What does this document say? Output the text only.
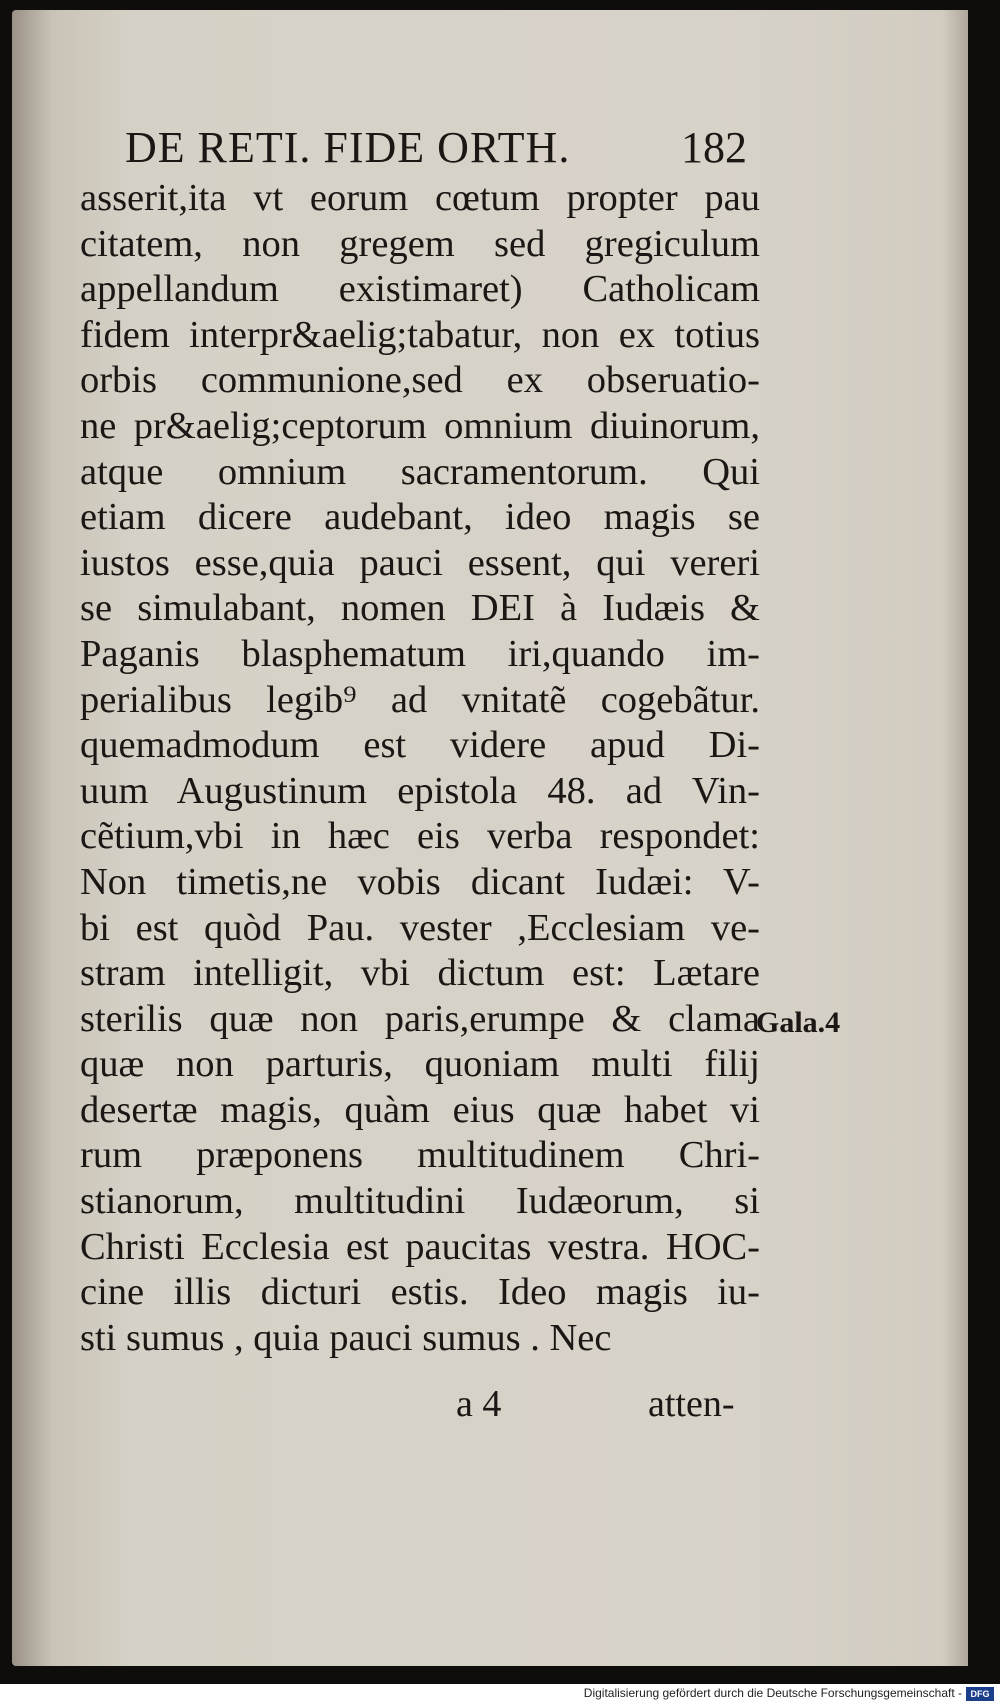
DE RETI. FIDE ORTH.	182
asserit,ita vt eorum cœtum propter pau
citatem, non gregem sed gregiculum
appellandum existimaret) Catholicam
fidem interpr&aelig;tabatur, non ex totius
orbis communione,sed ex obseruatio-
ne pr&aelig;ceptorum omnium diuinorum,
atque omnium sacramentorum. Qui
etiam dicere audebant, ideo magis se
iustos esse,quia pauci essent, qui vereri
se simulabant, nomen DEI à Iudæis &
Paganis blasphematum iri,quando im-
perialibus legib⁹ ad vnitatẽ cogebãtur.
quemadmodum est videre apud Di-
uum Augustinum epistola 48. ad Vin-
cẽtium,vbi in hæc eis verba respondet:
Non timetis,ne vobis dicant Iudæi: V-
bi est quòd Pau. vester ,Ecclesiam ve-
stram intelligit, vbi dictum est: Lætare
sterilis quæ non paris,erumpe & clama
quæ non parturis, quoniam multi filij
desertæ magis, quàm eius quæ habet vi
rum præponens multitudinem Chri-
stianorum, multitudini Iudæorum, si
Christi Ecclesia est paucitas vestra. HOC-
cine illis dicturi estis. Ideo magis iu-
sti sumus , quia pauci sumus . Nec
Gala.4
a 4	atten-
Digitalisierung gefördert durch die Deutsche Forschungsgemeinschaft - DFG
